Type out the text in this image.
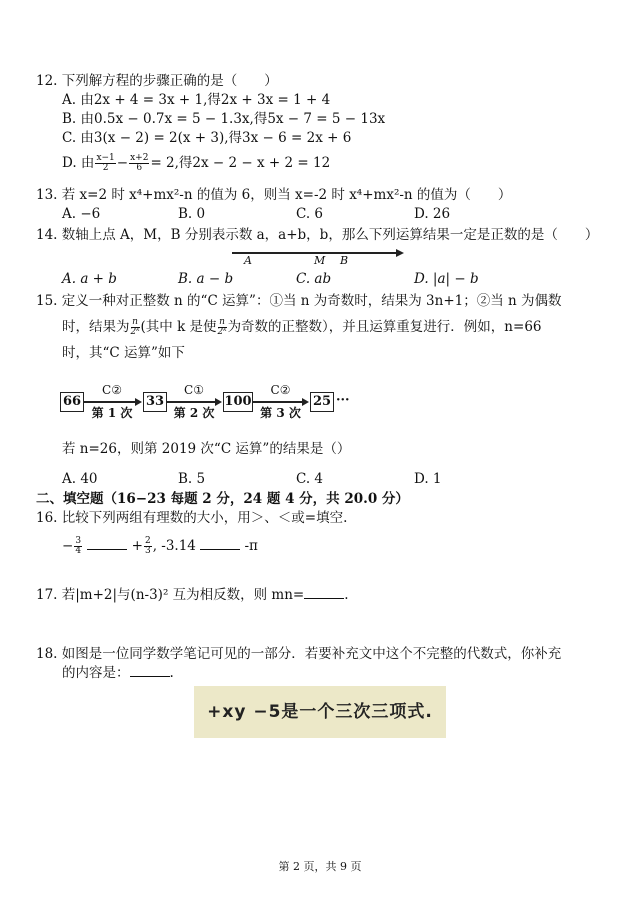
12. 下列解方程的步骤正确的是（　　）
A. 由2x + 4 = 3x + 1,得2x + 3x = 1 + 4
B. 由0.5x − 0.7x = 5 − 1.3x,得5x − 7 = 5 − 13x
C. 由3(x − 2) = 2(x + 3),得3x − 6 = 2x + 6
D. 由 $\frac{x-1}{2} - \frac{x+2}{6} = 2$,得2x − 2 − x + 2 = 12
13. 若 x=2 时 x⁴+mx²-n 的值为 6，则当 x=-2 时 x⁴+mx²-n 的值为（　　）
A. −6	B. 0	C. 6	D. 26
14. 数轴上点 A，M，B 分别表示数 a，a+b，b，那么下列运算结果一定是正数的是（　　）
A	M B
A. a + b	B. a − b	C. ab	D. |a| − b
15. 定义一种对正整数 n 的“C 运算”：①当 n 为奇数时，结果为 3n+1；②当 n 为偶数
时，结果为 $\frac{n}{\text{2ᵏ}}$ (其中 k 是使 $\frac{n}{\text{2ᵏ}}$ 为奇数的正整数），并且运算重复进行．例如，n=66
时，其“C 运算”如下
66
C②
第 1 次
33
C①
第 2 次
100
C②
第 3 次
25 ···
若 n=26，则第 2019 次“C 运算”的结果是（）
A. 40	B. 5	C. 4	D. 1
二、填空题（16−23 每题 2 分，24 题 4 分，共 20.0 分）
16. 比较下列两组有理数的大小，用＞、＜或=填空.
− $\frac{3}{4}$	+ $\frac{2}{3}$ , -3.14	-π
17. 若|m+2|与(n-3)² 互为相反数，则 mn=	.
18. 如图是一位同学数学笔记可见的一部分．若要补充文中这个不完整的代数式，你补充
的内容是：	.
+xy −5是一个三次三项式.
第 2 页，共 9 页
